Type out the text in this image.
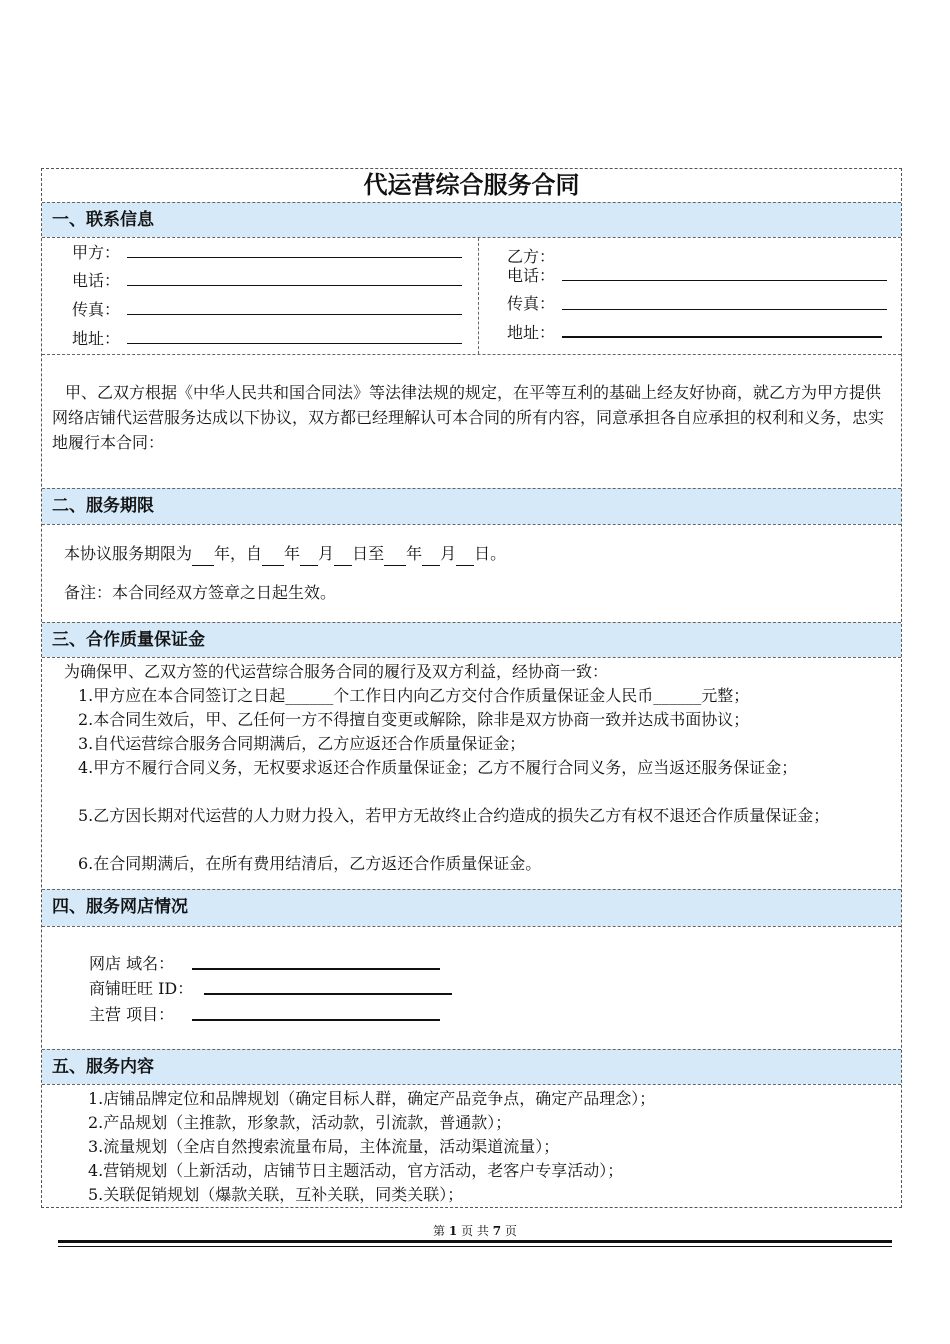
代运营综合服务合同
一、联系信息
甲方：
电话：
传真：
地址：
乙方：
电话：
传真：
地址：
甲、乙双方根据《中华人民共和国合同法》等法律法规的规定，在平等互利的基础上经友好协商，就乙方为甲方提供网络店铺代运营服务达成以下协议，双方都已经理解认可本合同的所有内容，同意承担各自应承担的权利和义务，忠实地履行本合同：
二、服务期限
本协议服务期限为 年，自 年 月 日至 年 月 日。
备注：本合同经双方签章之日起生效。
三、合作质量保证金
为确保甲、乙双方签的代运营综合服务合同的履行及双方利益，经协商一致：
1.甲方应在本合同签订之日起______个工作日内向乙方交付合作质量保证金人民币______元整；
2.本合同生效后，甲、乙任何一方不得擅自变更或解除，除非是双方协商一致并达成书面协议；
3.自代运营综合服务合同期满后，乙方应返还合作质量保证金；
4.甲方不履行合同义务，无权要求返还合作质量保证金；乙方不履行合同义务，应当返还服务保证金；
5.乙方因长期对代运营的人力财力投入，若甲方无故终止合约造成的损失乙方有权不退还合作质量保证金；
6.在合同期满后，在所有费用结清后，乙方返还合作质量保证金。
四、服务网店情况
网店 域名：
商铺旺旺 ID：
主营 项目：
五、服务内容
1.店铺品牌定位和品牌规划（确定目标人群，确定产品竞争点，确定产品理念）；
2.产品规划（主推款，形象款，活动款，引流款，普通款）；
3.流量规划（全店自然搜索流量布局，主体流量，活动渠道流量）；
4.营销规划（上新活动，店铺节日主题活动，官方活动，老客户专享活动）；
5.关联促销规划（爆款关联，互补关联，同类关联）；
第 1 页 共 7 页
